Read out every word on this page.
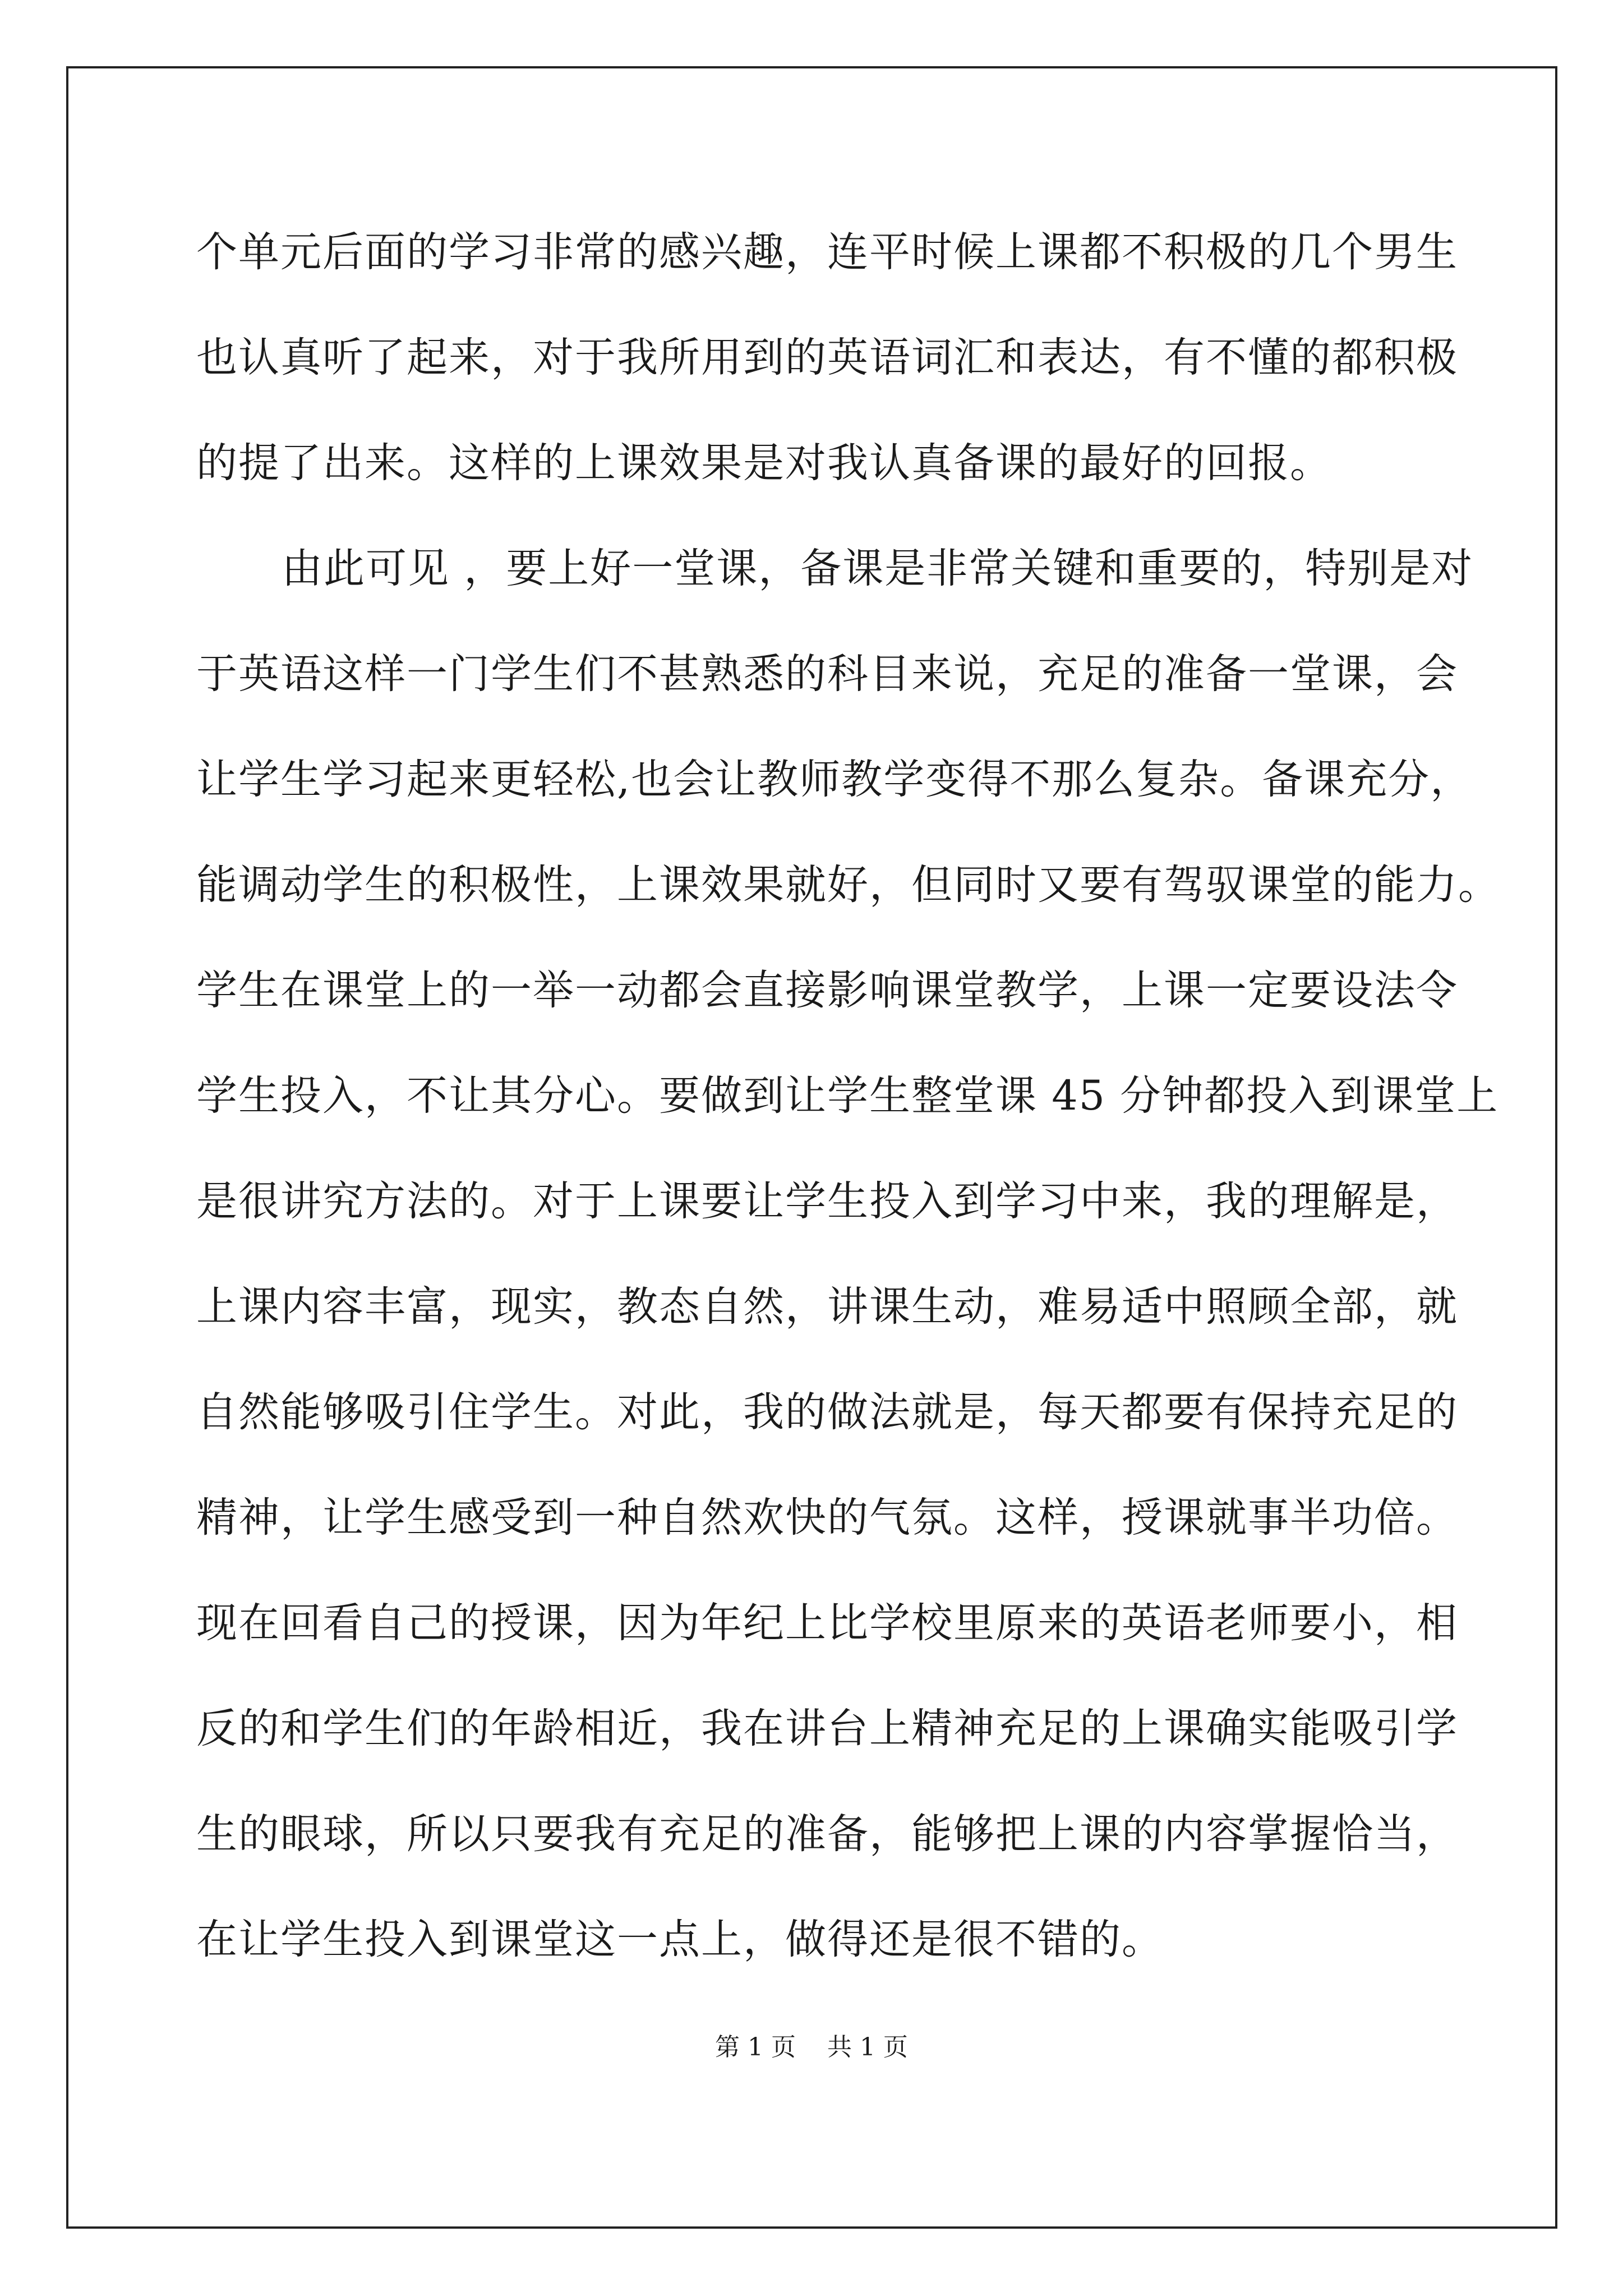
个单元后面的学习非常的感兴趣，连平时候上课都不积极的几个男生
也认真听了起来，对于我所用到的英语词汇和表达，有不懂的都积极
的提了出来。这样的上课效果是对我认真备课的最好的回报。
由此可见 ，要上好一堂课，备课是非常关键和重要的，特别是对
于英语这样一门学生们不甚熟悉的科目来说，充足的准备一堂课，会
让学生学习起来更轻松,也会让教师教学变得不那么复杂。备课充分，
能调动学生的积极性，上课效果就好，但同时又要有驾驭课堂的能力。
学生在课堂上的一举一动都会直接影响课堂教学，上课一定要设法令
学生投入，不让其分心。要做到让学生整堂课 45 分钟都投入到课堂上
是很讲究方法的。对于上课要让学生投入到学习中来，我的理解是，
上课内容丰富，现实，教态自然，讲课生动，难易适中照顾全部，就
自然能够吸引住学生。对此，我的做法就是，每天都要有保持充足的
精神，让学生感受到一种自然欢快的气氛。这样，授课就事半功倍。
现在回看自己的授课，因为年纪上比学校里原来的英语老师要小，相
反的和学生们的年龄相近，我在讲台上精神充足的上课确实能吸引学
生的眼球，所以只要我有充足的准备，能够把上课的内容掌握恰当，
在让学生投入到课堂这一点上，做得还是很不错的。
第 1 页    共 1 页
